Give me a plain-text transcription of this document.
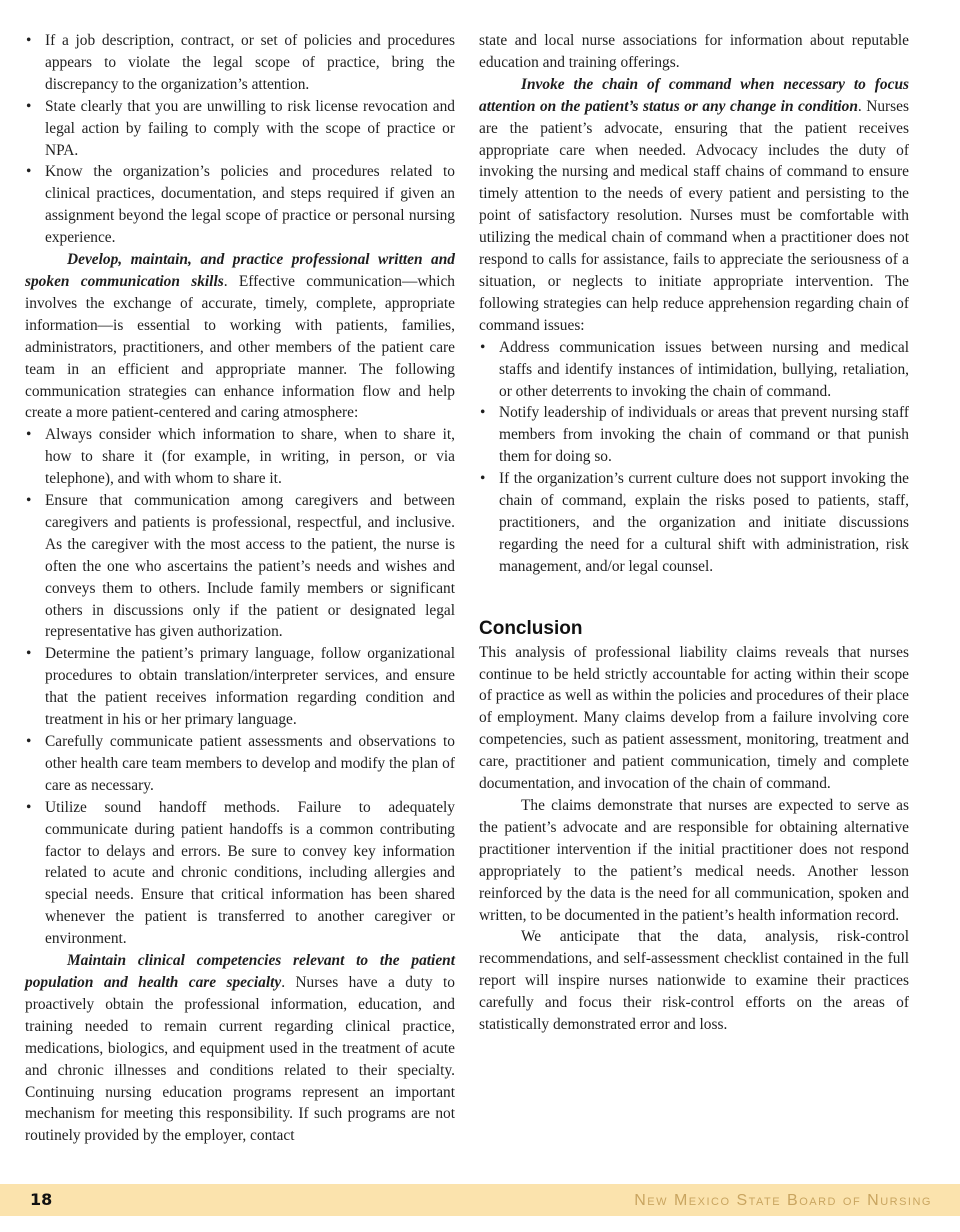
• If a job description, contract, or set of policies and procedures appears to violate the legal scope of practice, bring the discrepancy to the organization’s attention.
• State clearly that you are unwilling to risk license revocation and legal action by failing to comply with the scope of practice or NPA.
• Know the organization’s policies and procedures related to clinical practices, documentation, and steps required if given an assignment beyond the legal scope of practice or personal nursing experience.

Develop, maintain, and practice professional written and spoken communication skills. Effective communication—which involves the exchange of accurate, timely, complete, appropriate information—is essential to working with patients, families, administrators, practitioners, and other members of the patient care team in an efficient and appropriate manner. The following communication strategies can enhance information flow and help create a more patient-centered and caring atmosphere:

• Always consider which information to share, when to share it, how to share it (for example, in writing, in person, or via telephone), and with whom to share it.
• Ensure that communication among caregivers and between caregivers and patients is professional, respectful, and inclusive. As the caregiver with the most access to the patient, the nurse is often the one who ascertains the patient’s needs and wishes and conveys them to others. Include family members or significant others in discussions only if the patient or designated legal representative has given authorization.
• Determine the patient’s primary language, follow organizational procedures to obtain translation/interpreter services, and ensure that the patient receives information regarding condition and treatment in his or her primary language.
• Carefully communicate patient assessments and observations to other health care team members to develop and modify the plan of care as necessary.
• Utilize sound handoff methods. Failure to adequately communicate during patient handoffs is a common contributing factor to delays and errors. Be sure to convey key information related to acute and chronic conditions, including allergies and special needs. Ensure that critical information has been shared whenever the patient is transferred to another caregiver or environment.

Maintain clinical competencies relevant to the patient population and health care specialty. Nurses have a duty to proactively obtain the professional information, education, and training needed to remain current regarding clinical practice, medications, biologics, and equipment used in the treatment of acute and chronic illnesses and conditions related to their specialty. Continuing nursing education programs represent an important mechanism for meeting this responsibility. If such programs are not routinely provided by the employer, contact

state and local nurse associations for information about reputable education and training offerings.

Invoke the chain of command when necessary to focus attention on the patient’s status or any change in condition. Nurses are the patient’s advocate, ensuring that the patient receives appropriate care when needed. Advocacy includes the duty of invoking the nursing and medical staff chains of command to ensure timely attention to the needs of every patient and persisting to the point of satisfactory resolution. Nurses must be comfortable with utilizing the medical chain of command when a practitioner does not respond to calls for assistance, fails to appreciate the seriousness of a situation, or neglects to initiate appropriate intervention. The following strategies can help reduce apprehension regarding chain of command issues:

• Address communication issues between nursing and medical staffs and identify instances of intimidation, bullying, retaliation, or other deterrents to invoking the chain of command.
• Notify leadership of individuals or areas that prevent nursing staff members from invoking the chain of command or that punish them for doing so.
• If the organization’s current culture does not support invoking the chain of command, explain the risks posed to patients, staff, practitioners, and the organization and initiate discussions regarding the need for a cultural shift with administration, risk management, and/or legal counsel.
Conclusion

This analysis of professional liability claims reveals that nurses continue to be held strictly accountable for acting within their scope of practice as well as within the policies and procedures of their place of employment. Many claims develop from a failure involving core competencies, such as patient assessment, monitoring, treatment and care, practitioner and patient communication, timely and complete documentation, and invocation of the chain of command.

The claims demonstrate that nurses are expected to serve as the patient’s advocate and are responsible for obtaining alternative practitioner intervention if the initial practitioner does not respond appropriately to the patient’s medical needs. Another lesson reinforced by the data is the need for all communication, spoken and written, to be documented in the patient’s health information record.

We anticipate that the data, analysis, risk-control recommendations, and self-assessment checklist contained in the full report will inspire nurses nationwide to examine their practices carefully and focus their risk-control efforts on the areas of statistically demonstrated error and loss.

18	New Mexico State Board of Nursing
